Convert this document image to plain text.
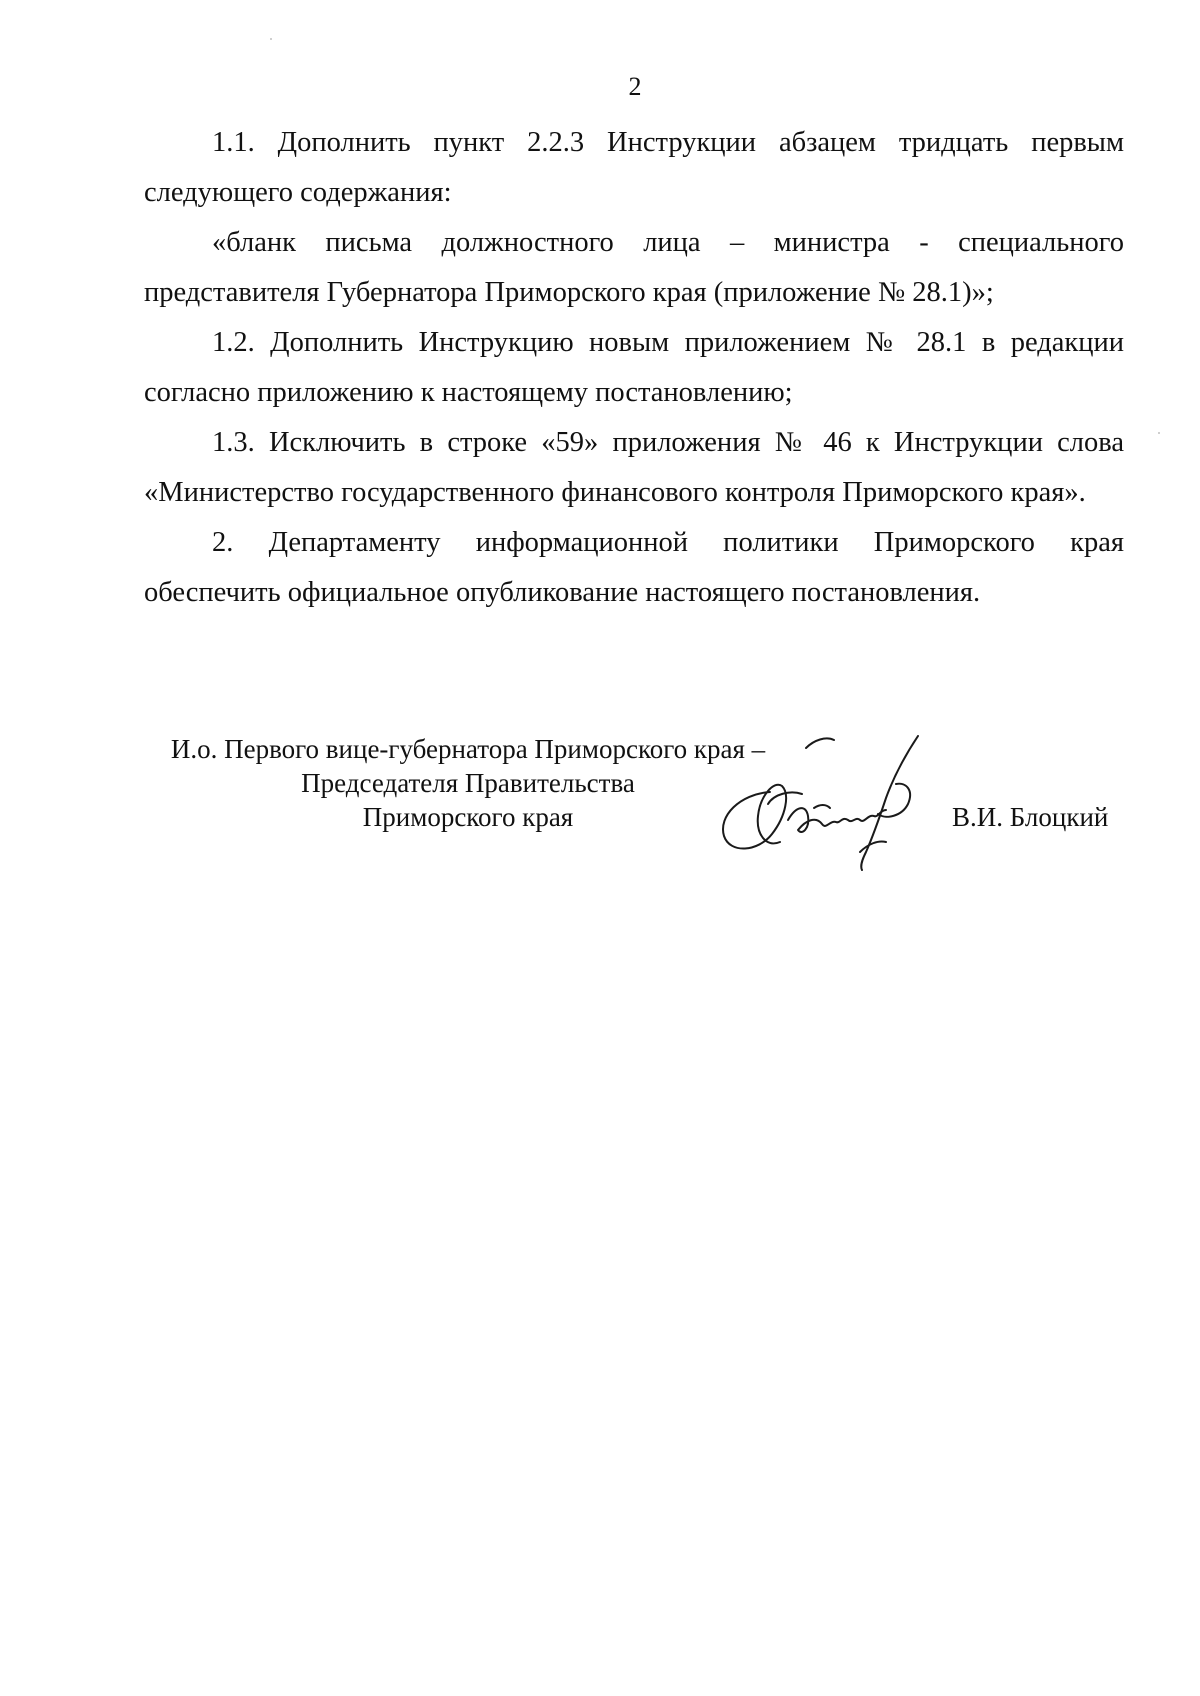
2

1.1. Дополнить пункт 2.2.3 Инструкции абзацем тридцать первым

следующего содержания:

«бланк письма должностного лица – министра - специального

представителя Губернатора Приморского края (приложение № 28.1)»;

1.2. Дополнить Инструкцию новым приложением № 28.1 в редакции

согласно приложению к настоящему постановлению;

1.3. Исключить в строке «59» приложения № 46 к Инструкции слова

«Министерство государственного финансового контроля Приморского края».

2. Департаменту информационной политики Приморского края

обеспечить официальное опубликование настоящего постановления.

И.о. Первого вице-губернатора Приморского края –
Председателя Правительства
Приморского края	В.И. Блоцкий
